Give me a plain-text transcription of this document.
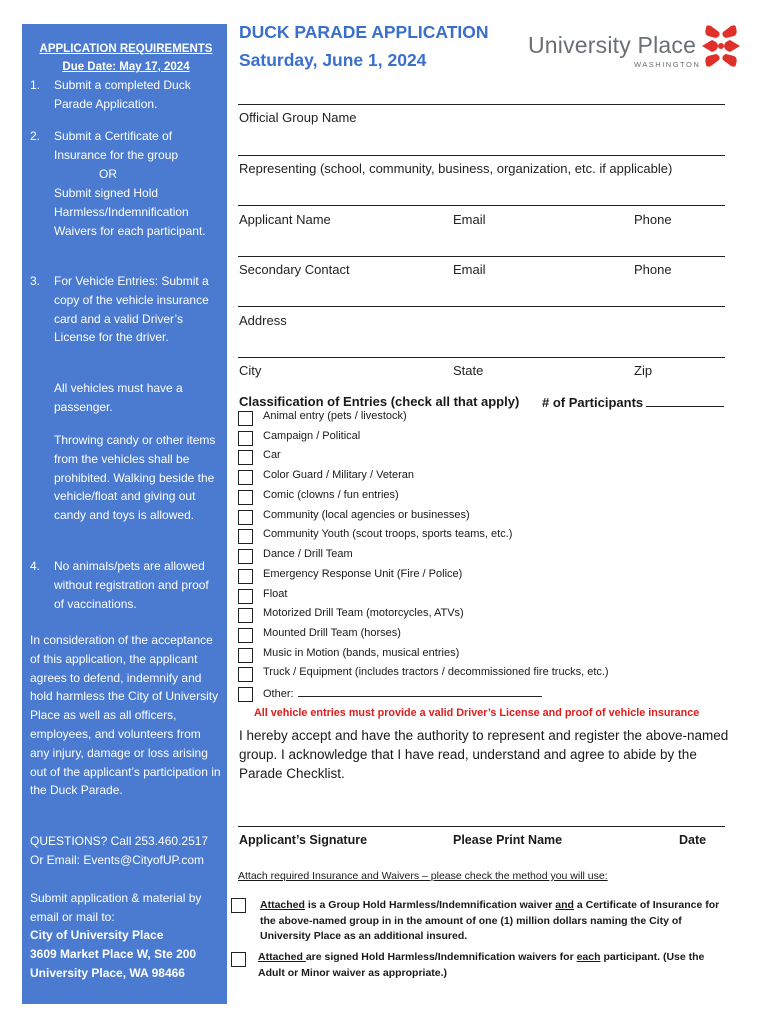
APPLICATION REQUIREMENTS
Due Date: May 17, 2024
1. Submit a completed Duck Parade Application.
2. Submit a Certificate of Insurance for the group
OR
Submit signed Hold Harmless/Indemnification Waivers for each participant.
3. For Vehicle Entries: Submit a copy of the vehicle insurance card and a valid Driver’s License for the driver.
All vehicles must have a passenger.
Throwing candy or other items from the vehicles shall be prohibited. Walking beside the vehicle/float and giving out candy and toys is allowed.
4. No animals/pets are allowed without registration and proof of vaccinations.
In consideration of the acceptance of this application, the applicant agrees to defend, indemnify and hold harmless the City of University Place as well as all officers, employees, and volunteers from any injury, damage or loss arising out of the applicant’s participation in the Duck Parade.
QUESTIONS? Call 253.460.2517
Or Email: Events@CityofUP.com
Submit application & material by email or mail to:
City of University Place
3609 Market Place W, Ste 200
University Place, WA 98466
DUCK PARADE APPLICATION
Saturday, June 1, 2024
University Place
WASHINGTON
Official Group Name
Representing (school, community, business, organization, etc. if applicable)
Applicant Name	Email	Phone
Secondary Contact	Email	Phone
Address
City	State	Zip
Classification of Entries (check all that apply) # of Participants
Animal entry (pets / livestock)
Campaign / Political
Car
Color Guard / Military / Veteran
Comic (clowns / fun entries)
Community (local agencies or businesses)
Community Youth (scout troops, sports teams, etc.)
Dance / Drill Team
Emergency Response Unit (Fire / Police)
Float
Motorized Drill Team (motorcycles, ATVs)
Mounted Drill Team (horses)
Music in Motion (bands, musical entries)
Truck / Equipment (includes tractors / decommissioned fire trucks, etc.)
Other:
All vehicle entries must provide a valid Driver’s License and proof of vehicle insurance
I hereby accept and have the authority to represent and register the above-named group. I acknowledge that I have read, understand and agree to abide by the Parade Checklist.
Applicant’s Signature	Please Print Name	Date
Attach required Insurance and Waivers – please check the method you will use:
Attached is a Group Hold Harmless/Indemnification waiver and a Certificate of Insurance for the above-named group in in the amount of one (1) million dollars naming the City of University Place as an additional insured.
Attached are signed Hold Harmless/Indemnification waivers for each participant. (Use the Adult or Minor waiver as appropriate.)
